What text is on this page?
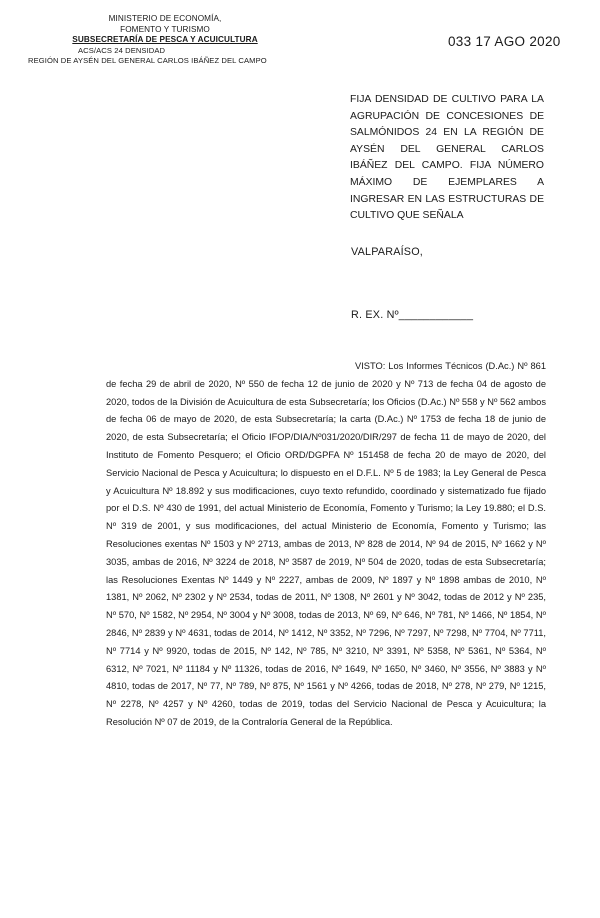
MINISTERIO DE ECONOMÍA,
FOMENTO Y TURISMO
SUBSECRETARÍA DE PESCA Y ACUICULTURA
ACS/ACS 24 DENSIDAD
REGIÓN DE AYSÉN DEL GENERAL CARLOS IBÁÑEZ DEL CAMPO
033 17 AGO 2020
FIJA DENSIDAD DE CULTIVO PARA LA AGRUPACIÓN DE CONCESIONES DE SALMÓNIDOS 24 EN LA REGIÓN DE AYSÉN DEL GENERAL CARLOS IBÁÑEZ DEL CAMPO. FIJA NÚMERO MÁXIMO DE EJEMPLARES A INGRESAR EN LAS ESTRUCTURAS DE CULTIVO QUE SEÑALA
VALPARAÍSO,
R. EX. Nº____________
VISTO: Los Informes Técnicos (D.Ac.) Nº 861 de fecha 29 de abril de 2020, Nº 550 de fecha 12 de junio de 2020 y Nº 713 de fecha 04 de agosto de 2020, todos de la División de Acuicultura de esta Subsecretaría; los Oficios (D.Ac.) Nº 558 y Nº 562 ambos de fecha 06 de mayo de 2020, de esta Subsecretaría; la carta (D.Ac.) Nº 1753 de fecha 18 de junio de 2020, de esta Subsecretaría; el Oficio IFOP/DIA/Nº031/2020/DIR/297 de fecha 11 de mayo de 2020, del Instituto de Fomento Pesquero; el Oficio ORD/DGPFA Nº 151458 de fecha 20 de mayo de 2020, del Servicio Nacional de Pesca y Acuicultura; lo dispuesto en el D.F.L. Nº 5 de 1983; la Ley General de Pesca y Acuicultura Nº 18.892 y sus modificaciones, cuyo texto refundido, coordinado y sistematizado fue fijado por el D.S. Nº 430 de 1991, del actual Ministerio de Economía, Fomento y Turismo; la Ley 19.880; el D.S. Nº 319 de 2001, y sus modificaciones, del actual Ministerio de Economía, Fomento y Turismo; las Resoluciones exentas Nº 1503 y Nº 2713, ambas de 2013, Nº 828 de 2014, Nº 94 de 2015, Nº 1662 y Nº 3035, ambas de 2016, Nº 3224 de 2018, Nº 3587 de 2019, Nº 504 de 2020, todas de esta Subsecretaría; las Resoluciones Exentas Nº 1449 y Nº 2227, ambas de 2009, Nº 1897 y Nº 1898 ambas de 2010, Nº 1381, Nº 2062, Nº 2302 y Nº 2534, todas de 2011, Nº 1308, Nº 2601 y Nº 3042, todas de 2012 y Nº 235, Nº 570, Nº 1582, Nº 2954, Nº 3004 y Nº 3008, todas de 2013, Nº 69, Nº 646, Nº 781, Nº 1466, Nº 1854, Nº 2846, Nº 2839 y Nº 4631, todas de 2014, Nº 1412, Nº 3352, Nº 7296, Nº 7297, Nº 7298, Nº 7704, Nº 7711, Nº 7714 y Nº 9920, todas de 2015, Nº 142, Nº 785, Nº 3210, Nº 3391, Nº 5358, Nº 5361, Nº 5364, Nº 6312, Nº 7021, Nº 11184 y Nº 11326, todas de 2016, Nº 1649, Nº 1650, Nº 3460, Nº 3556, Nº 3883 y Nº 4810, todas de 2017, Nº 77, Nº 789, Nº 875, Nº 1561 y Nº 4266, todas de 2018, Nº 278, Nº 279, Nº 1215, Nº 2278, Nº 4257 y Nº 4260, todas de 2019, todas del Servicio Nacional de Pesca y Acuicultura; la Resolución Nº 07 de 2019, de la Contraloría General de la República.
